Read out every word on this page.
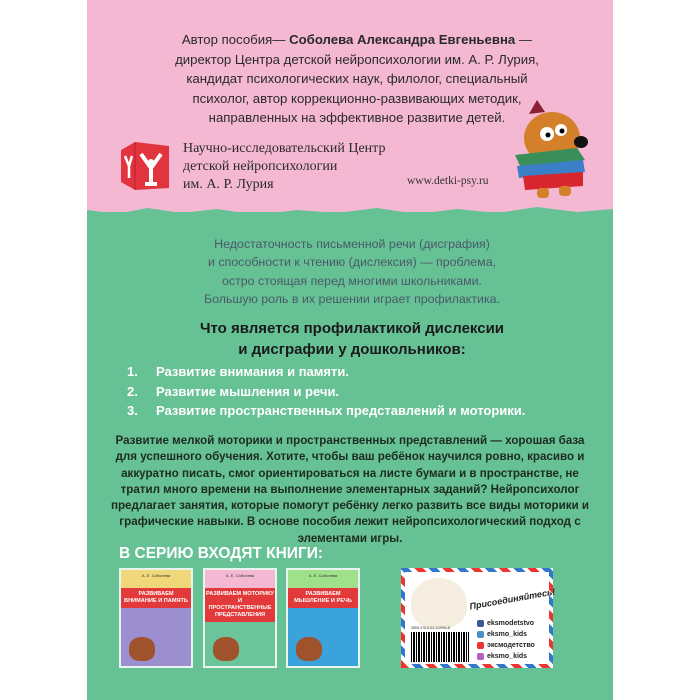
Автор пособия— Соболева Александра Евгеньевна —
директор Центра детской нейропсихологии им. А. Р. Лурия,
кандидат психологических наук, филолог, специальный
психолог, автор коррекционно-развивающих методик,
направленных на эффективное развитие детей.
Научно-исследовательский Центр
детской нейропсихологии
им. А. Р. Лурия	www.detki-psy.ru
Недостаточность письменной речи (дисграфия)
и способности к чтению (дислексия) — проблема,
остро стоящая перед многими школьниками.
Большую роль в их решении играет профилактика.
Что является профилактикой дислексии
и дисграфии у дошкольников:
1.	Развитие внимания и памяти.
2.	Развитие мышления и речи.
3.	Развитие пространственных представлений и моторики.
Развитие мелкой моторики и пространственных представлений — хорошая база для успешного обучения. Хотите, чтобы ваш ребёнок научился ровно, красиво и аккуратно писать, смог ориентироваться на листе бумаги и в пространстве, не тратил много времени на выполнение элементарных заданий? Нейропсихолог предлагает занятия, которые помогут ребёнку легко развить все виды моторики и графические навыки. В основе пособия лежит нейропсихологический подход с элементами игры.
В СЕРИЮ ВХОДЯТ КНИГИ:
А. Е. Соболева
РАЗВИВАЕМ ВНИМАНИЕ И ПАМЯТЬ
А. Е. Соболева
РАЗВИВАЕМ МОТОРИКУ И ПРОСТРАНСТВЕННЫЕ ПРЕДСТАВЛЕНИЯ
А. Е. Соболева
РАЗВИВАЕМ МЫШЛЕНИЕ И РЕЧЬ	Присоединяйтесь!
ISBN 978-5-04-112094-8
eksmodetstvo
eksmo_kids
эксмодетство
eksmo_kids
